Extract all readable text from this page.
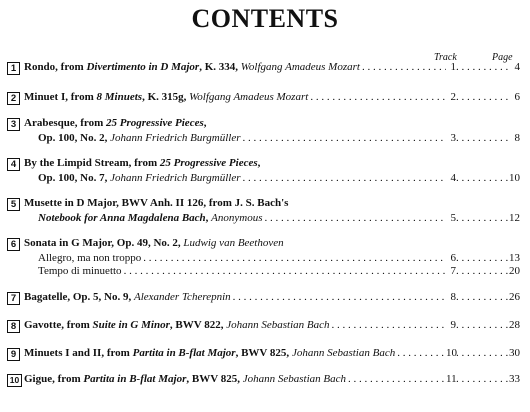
CONTENTS
Track	Page
1 Rondo, from Divertimento in D Major, K. 334, Wolfgang Amadeus Mozart . . .	1 . . .	4
2 Minuet I, from 8 Minuets, K. 315g, Wolfgang Amadeus Mozart . . .	2 . . .	6
3 Arabesque, from 25 Progressive Pieces,
Op. 100, No. 2, Johann Friedrich Burgmüller . . .	3 . . .	8
4 By the Limpid Stream, from 25 Progressive Pieces,
Op. 100, No. 7, Johann Friedrich Burgmüller . . .	4 . . .	10
5 Musette in D Major, BWV Anh. II 126, from J. S. Bach's
Notebook for Anna Magdalena Bach, Anonymous . . .	5 . . .	12
6 Sonata in G Major, Op. 49, No. 2, Ludwig van Beethoven
Allegro, ma non troppo . . .	6 . . .	13
Tempo di minuetto . . .	7 . . .	20
7 Bagatelle, Op. 5, No. 9, Alexander Tcherepnin . . .	8 . . .	26
8 Gavotte, from Suite in G Minor, BWV 822, Johann Sebastian Bach . . .	9 . . .	28
9 Minuets I and II, from Partita in B-flat Major, BWV 825, Johann Sebastian Bach . . .	10 . . .	30
10 Gigue, from Partita in B-flat Major, BWV 825, Johann Sebastian Bach . . .	11 . . .	33
